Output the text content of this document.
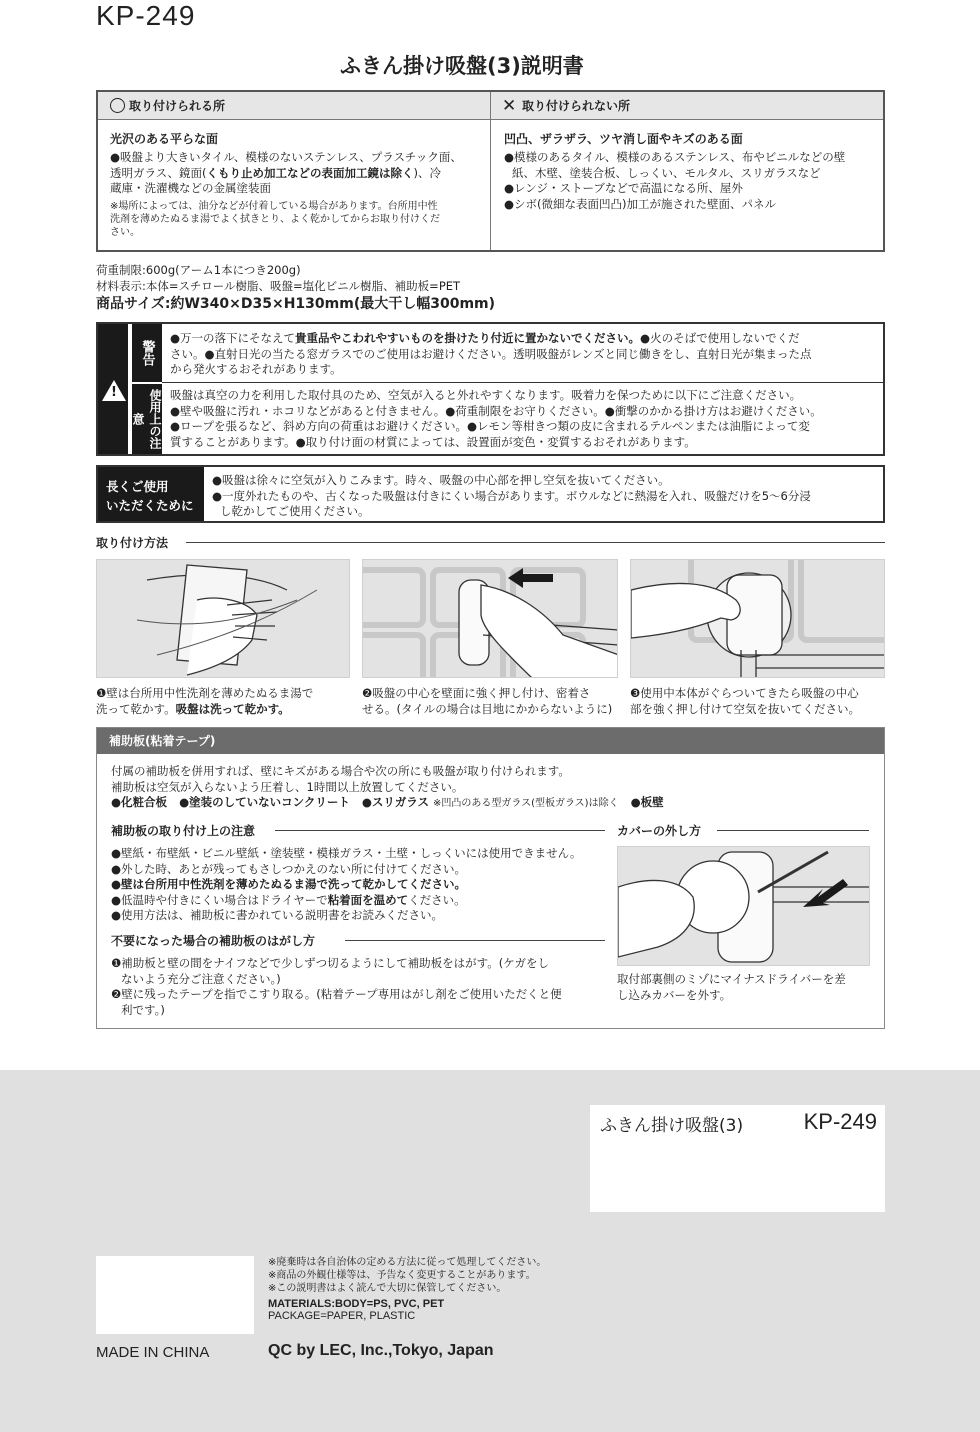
KP-249
ふきん掛け吸盤(3)説明書
取り付けられる所	✕ 取り付けられない所
光沢のある平らな面
●吸盤より大きいタイル、模様のないステンレス、プラスチック面、
透明ガラス、鏡面(くもり止め加工などの表面加工鏡は除く)、冷
蔵庫・洗濯機などの金属塗装面
※場所によっては、油分などが付着している場合があります。台所用中性
洗剤を薄めたぬるま湯でよく拭きとり、よく乾かしてからお取り付けくだ
さい。
凹凸、ザラザラ、ツヤ消し面やキズのある面
●模様のあるタイル、模様のあるステンレス、布やビニルなどの壁
紙、木壁、塗装合板、しっくい、モルタル、スリガラスなど
●レンジ・ストーブなどで高温になる所、屋外
●シボ(微細な表面凹凸)加工が施された壁面、パネル
荷重制限:600g(アーム1本につき200g)
材料表示:本体=スチロール樹脂、吸盤=塩化ビニル樹脂、補助板=PET
商品サイズ:約W340×D35×H130mm(最大干し幅300mm)
!
警告
使用上の注意
●万一の落下にそなえて貴重品やこわれやすいものを掛けたり付近に置かないでください。●火のそばで使用しないでくだ
さい。●直射日光の当たる窓ガラスでのご使用はお避けください。透明吸盤がレンズと同じ働きをし、直射日光が集まった点
から発火するおそれがあります。
吸盤は真空の力を利用した取付具のため、空気が入ると外れやすくなります。吸着力を保つために以下にご注意ください。
●壁や吸盤に汚れ・ホコリなどがあると付きません。●荷重制限をお守りください。●衝撃のかかる掛け方はお避けください。
●ロープを張るなど、斜め方向の荷重はお避けください。●レモン等柑きつ類の皮に含まれるテルペンまたは油脂によって変
質することがあります。●取り付け面の材質によっては、設置面が変色・変質するおそれがあります。
長くご使用
いただくために
●吸盤は徐々に空気が入りこみます。時々、吸盤の中心部を押し空気を抜いてください。
●一度外れたものや、古くなった吸盤は付きにくい場合があります。ボウルなどに熱湯を入れ、吸盤だけを5〜6分浸
し乾かしてご使用ください。
取り付け方法
❶壁は台所用中性洗剤を薄めたぬるま湯で
洗って乾かす。吸盤は洗って乾かす。
❷吸盤の中心を壁面に強く押し付け、密着さ
せる。(タイルの場合は目地にかからないように)
❸使用中本体がぐらついてきたら吸盤の中心
部を強く押し付けて空気を抜いてください。
補助板(粘着テープ)
付属の補助板を併用すれば、壁にキズがある場合や次の所にも吸盤が取り付けられます。
補助板は空気が入らないよう圧着し、1時間以上放置してください。
●化粧合板 ●塗装のしていないコンクリート ●スリガラス ※凹凸のある型ガラス(型板ガラス)は除く ●板壁
補助板の取り付け上の注意
●壁紙・布壁紙・ビニル壁紙・塗装壁・模様ガラス・土壁・しっくいには使用できません。
●外した時、あとが残ってもさしつかえのない所に付けてください。
●壁は台所用中性洗剤を薄めたぬるま湯で洗って乾かしてください。
●低温時や付きにくい場合はドライヤーで粘着面を温めてください。
●使用方法は、補助板に書かれている説明書をお読みください。
不要になった場合の補助板のはがし方
❶補助板と壁の間をナイフなどで少しずつ切るようにして補助板をはがす。(ケガをし
ないよう充分ご注意ください。)
❷壁に残ったテープを指でこすり取る。(粘着テープ専用はがし剤をご使用いただくと便
利です。)
カバーの外し方
取付部裏側のミゾにマイナスドライバーを差
し込みカバーを外す。
ふきん掛け吸盤(3)	KP-249
※廃棄時は各自治体の定める方法に従って処理してください。
※商品の外観仕様等は、予告なく変更することがあります。
※この説明書はよく読んで大切に保管してください。
MATERIALS:BODY=PS, PVC, PET
PACKAGE=PAPER, PLASTIC
MADE IN CHINA	QC by LEC, Inc.,Tokyo, Japan
